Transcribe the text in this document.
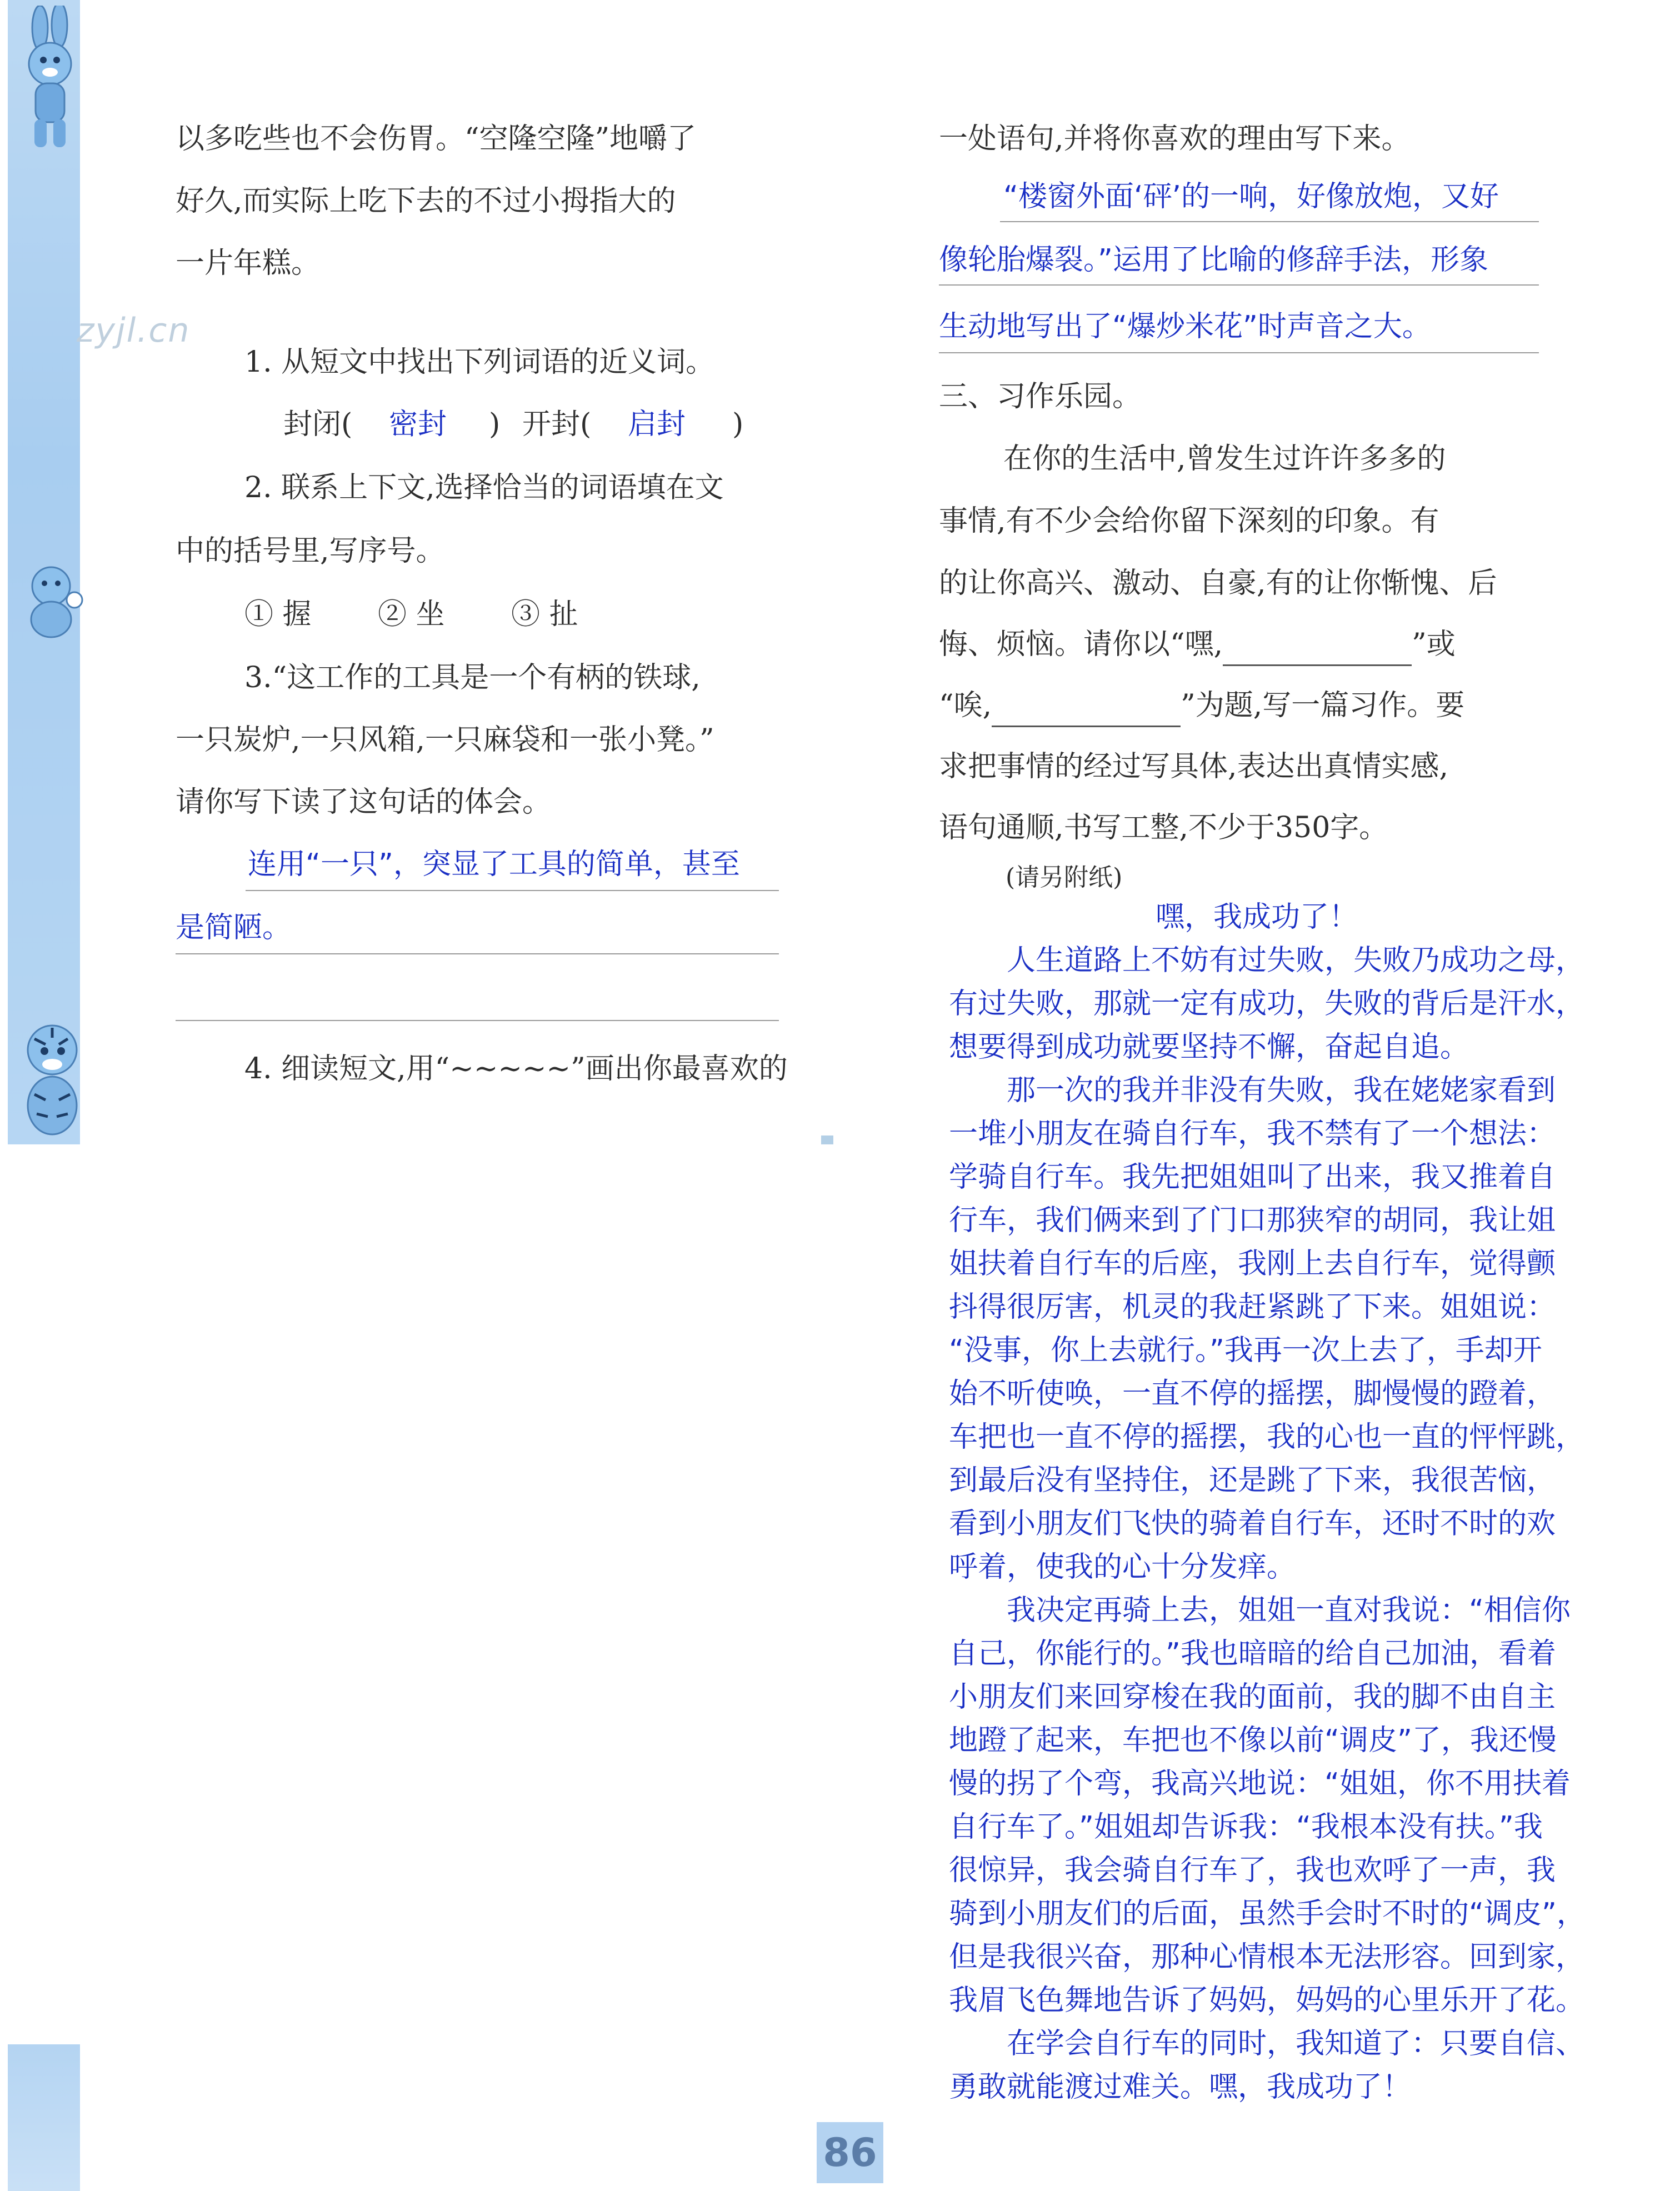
zyjl.cn
以多吃些也不会伤胃。“空隆空隆”地嚼了
好久,而实际上吃下去的不过小拇指大的
一片年糕。
1. 从短文中找出下列词语的近义词。
封闭( 密封 ) 开封( 启封 )
2. 联系上下文,选择恰当的词语填在文
中的括号里,写序号。
① 握 ② 坐 ③ 扯
3.“这工作的工具是一个有柄的铁球,
一只炭炉,一只风箱,一只麻袋和一张小凳。”
请你写下读了这句话的体会。
连用“一只”，突显了工具的简单，甚至
是简陋。
4. 细读短文,用“~~~~~”画出你最喜欢的
一处语句,并将你喜欢的理由写下来。
“楼窗外面‘砰’的一响，好像放炮，又好
像轮胎爆裂。”运用了比喻的修辞手法，形象
生动地写出了“爆炒米花”时声音之大。
三、习作乐园。
在你的生活中,曾发生过许许多多的
事情,有不少会给你留下深刻的印象。有
的让你高兴、激动、自豪,有的让你惭愧、后
悔、烦恼。请你以“嘿,	”或
“唉,	”为题,写一篇习作。要
求把事情的经过写具体,表达出真情实感,
语句通顺,书写工整,不少于350字。
(请另附纸)
嘿，我成功了！
　　人生道路上不妨有过失败，失败乃成功之母，
有过失败，那就一定有成功，失败的背后是汗水，
想要得到成功就要坚持不懈，奋起自追。
　　那一次的我并非没有失败，我在姥姥家看到
一堆小朋友在骑自行车，我不禁有了一个想法：
学骑自行车。我先把姐姐叫了出来，我又推着自
行车，我们俩来到了门口那狭窄的胡同，我让姐
姐扶着自行车的后座，我刚上去自行车，觉得颤
抖得很厉害，机灵的我赶紧跳了下来。姐姐说：
“没事，你上去就行。”我再一次上去了，手却开
始不听使唤，一直不停的摇摆，脚慢慢的蹬着，
车把也一直不停的摇摆，我的心也一直的怦怦跳，
到最后没有坚持住，还是跳了下来，我很苦恼，
看到小朋友们飞快的骑着自行车，还时不时的欢
呼着，使我的心十分发痒。
　　我决定再骑上去，姐姐一直对我说：“相信你
自己，你能行的。”我也暗暗的给自己加油，看着
小朋友们来回穿梭在我的面前，我的脚不由自主
地蹬了起来，车把也不像以前“调皮”了，我还慢
慢的拐了个弯，我高兴地说：“姐姐，你不用扶着
自行车了。”姐姐却告诉我：“我根本没有扶。”我
很惊异，我会骑自行车了，我也欢呼了一声，我
骑到小朋友们的后面，虽然手会时不时的“调皮”，
但是我很兴奋，那种心情根本无法形容。回到家，
我眉飞色舞地告诉了妈妈，妈妈的心里乐开了花。
　　在学会自行车的同时，我知道了：只要自信、
勇敢就能渡过难关。嘿，我成功了！
86
